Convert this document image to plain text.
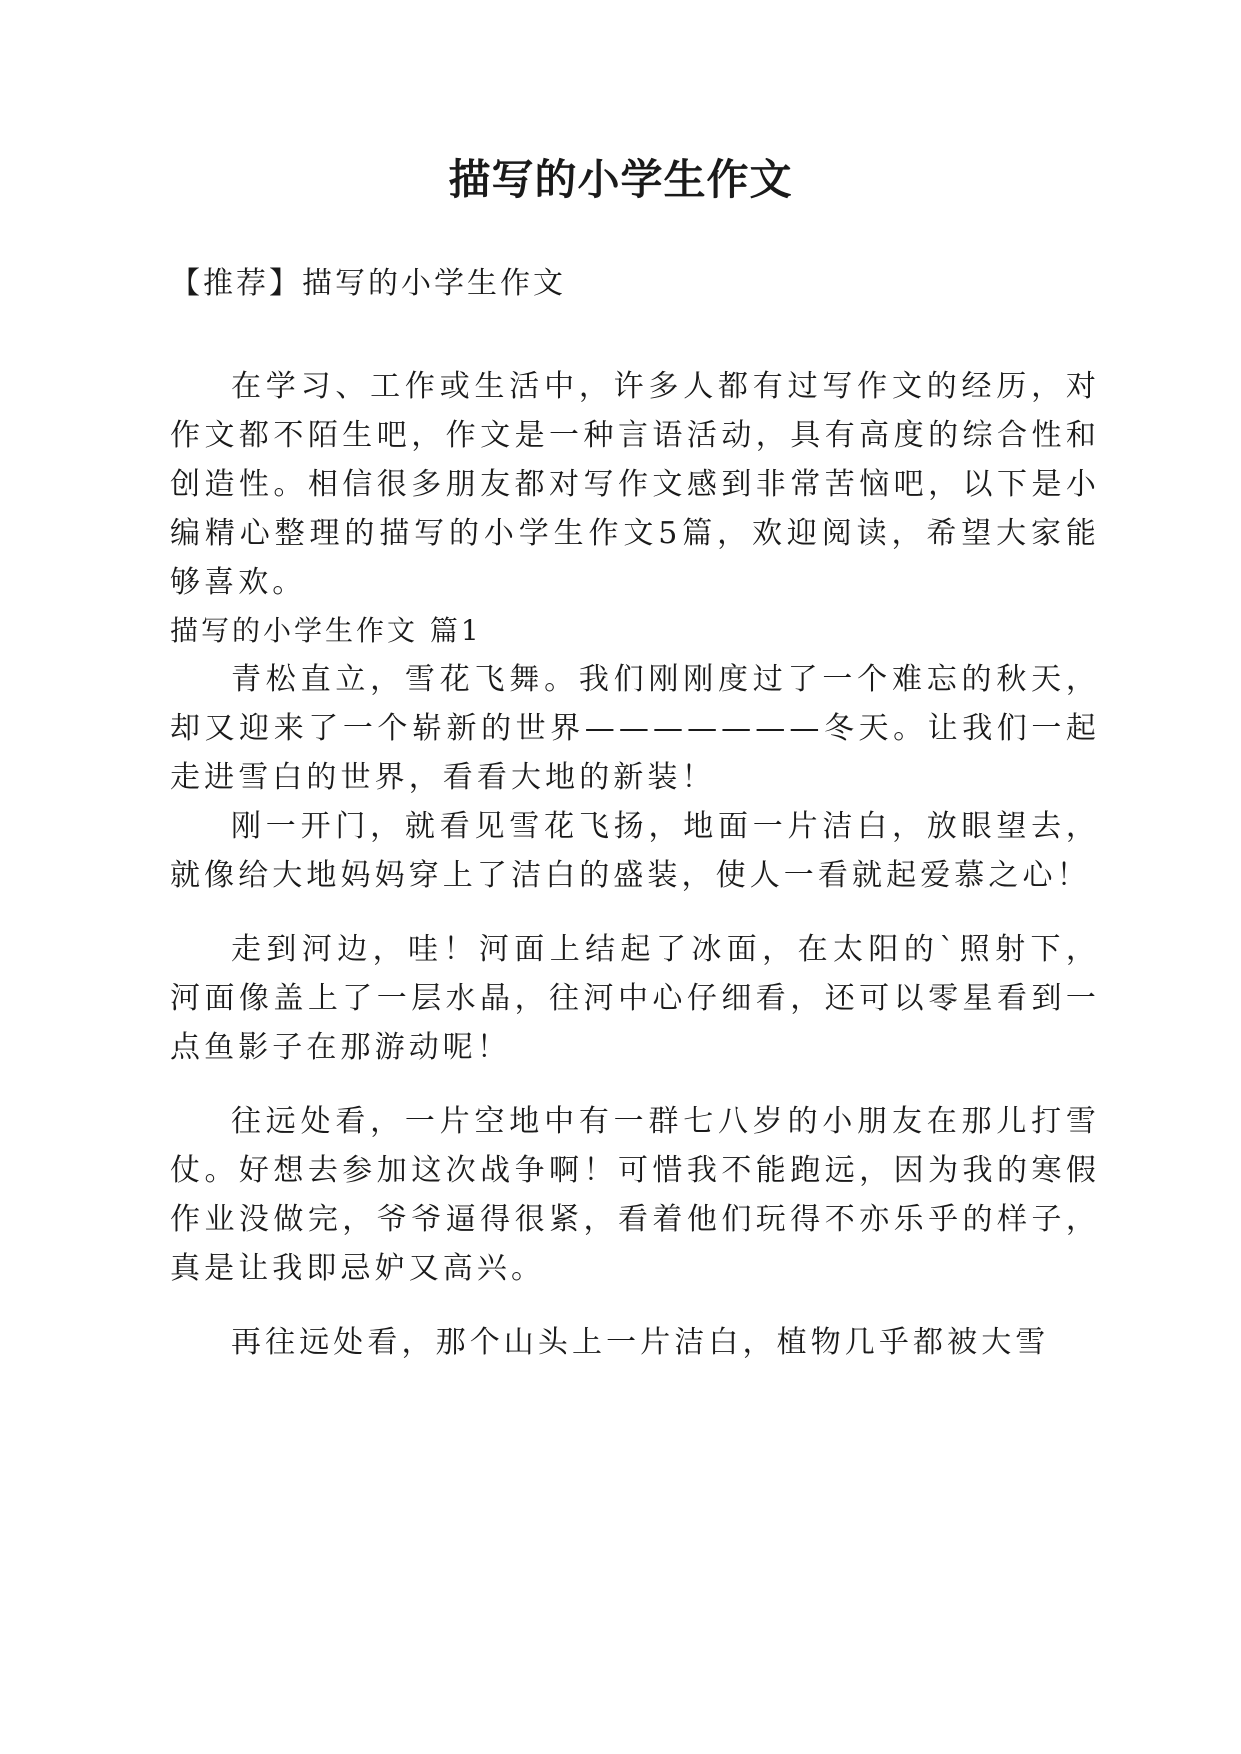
描写的小学生作文

【推荐】描写的小学生作文

在学习、工作或生活中，许多人都有过写作文的经历，对作文都不陌生吧，作文是一种言语活动，具有高度的综合性和创造性。相信很多朋友都对写作文感到非常苦恼吧，以下是小编精心整理的描写的小学生作文5篇，欢迎阅读，希望大家能够喜欢。

描写的小学生作文 篇1

青松直立，雪花飞舞。我们刚刚度过了一个难忘的秋天，却又迎来了一个崭新的世界———————冬天。让我们一起走进雪白的世界，看看大地的新装！

刚一开门，就看见雪花飞扬，地面一片洁白，放眼望去，就像给大地妈妈穿上了洁白的盛装，使人一看就起爱慕之心！

走到河边，哇！河面上结起了冰面，在太阳的`照射下，河面像盖上了一层水晶，往河中心仔细看，还可以零星看到一点鱼影子在那游动呢！

往远处看，一片空地中有一群七八岁的小朋友在那儿打雪仗。好想去参加这次战争啊！可惜我不能跑远，因为我的寒假作业没做完，爷爷逼得很紧，看着他们玩得不亦乐乎的样子，真是让我即忌妒又高兴。

再往远处看，那个山头上一片洁白，植物几乎都被大雪
